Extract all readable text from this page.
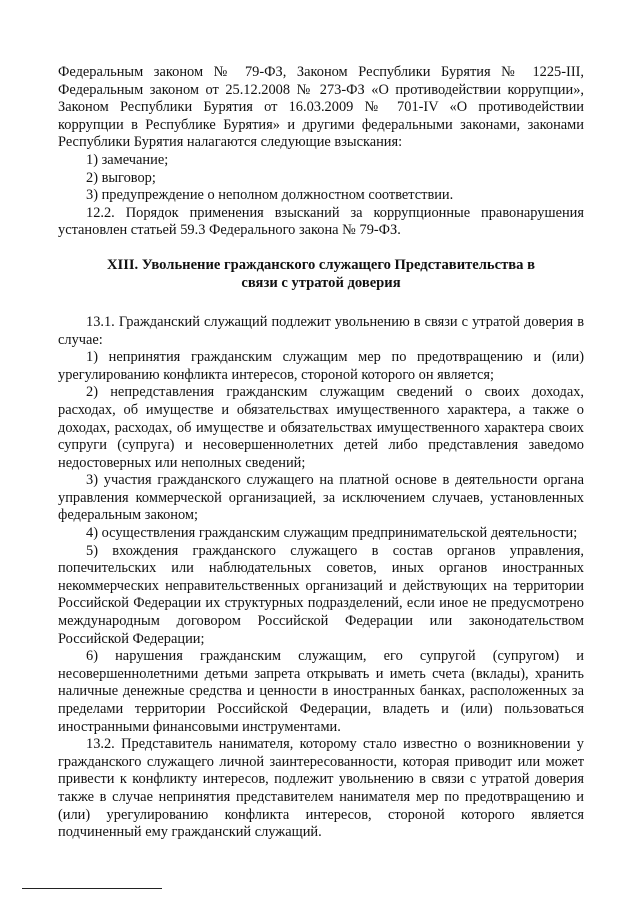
Федеральным законом № 79-ФЗ, Законом Республики Бурятия № 1225-III, Федеральным законом от 25.12.2008 № 273-ФЗ «О противодействии коррупции», Законом Республики Бурятия от 16.03.2009 № 701-IV «О противодействии коррупции в Республике Бурятия» и другими федеральными законами, законами Республики Бурятия налагаются следующие взыскания:

1) замечание;

2) выговор;

3) предупреждение о неполном должностном соответствии.

12.2. Порядок применения взысканий за коррупционные правонарушения установлен статьей 59.3 Федерального закона № 79-ФЗ.

XIII. Увольнение гражданского служащего Представительства в связи с утратой доверия

13.1. Гражданский служащий подлежит увольнению в связи с утратой доверия в случае:

1) непринятия гражданским служащим мер по предотвращению и (или) урегулированию конфликта интересов, стороной которого он является;

2) непредставления гражданским служащим сведений о своих доходах, расходах, об имуществе и обязательствах имущественного характера, а также о доходах, расходах, об имуществе и обязательствах имущественного характера своих супруги (супруга) и несовершеннолетних детей либо представления заведомо недостоверных или неполных сведений;

3) участия гражданского служащего на платной основе в деятельности органа управления коммерческой организацией, за исключением случаев, установленных федеральным законом;

4) осуществления гражданским служащим предпринимательской деятельности;

5) вхождения гражданского служащего в состав органов управления, попечительских или наблюдательных советов, иных органов иностранных некоммерческих неправительственных организаций и действующих на территории Российской Федерации их структурных подразделений, если иное не предусмотрено международным договором Российской Федерации или законодательством Российской Федерации;

6) нарушения гражданским служащим, его супругой (супругом) и несовершеннолетними детьми запрета открывать и иметь счета (вклады), хранить наличные денежные средства и ценности в иностранных банках, расположенных за пределами территории Российской Федерации, владеть и (или) пользоваться иностранными финансовыми инструментами.

13.2. Представитель нанимателя, которому стало известно о возникновении у гражданского служащего личной заинтересованности, которая приводит или может привести к конфликту интересов, подлежит увольнению в связи с утратой доверия также в случае непринятия представителем нанимателя мер по предотвращению и (или) урегулированию конфликта интересов, стороной которого является подчиненный ему гражданский служащий.
